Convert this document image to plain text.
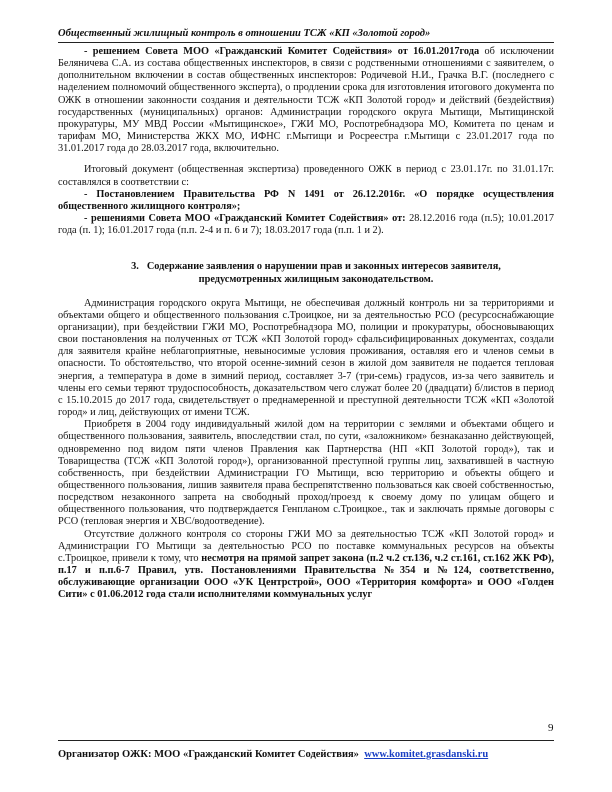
Общественный жилищный контроль в отношении ТСЖ «КП «Золотой город»

- решением Совета МОО «Гражданский Комитет Содействия» от 16.01.2017года об исключении Беляничева С.А. из состава общественных инспекторов, в связи с родственными отношениями с заявителем, о дополнительном включении в состав общественных инспекторов: Родичевой Н.И., Грачка В.Г. (последнего с наделением полномочий общественного эксперта), о продлении срока для изготовления итогового документа по ОЖК в отношении законности создания и деятельности ТСЖ «КП Золотой город» и действий (бездействия) государственных (муниципальных) органов: Администрации городского округа Мытищи, Мытищинской прокуратуры, МУ МВД России «Мытищинское», ГЖИ МО, Роспотребнадзора МО, Комитета по ценам и тарифам МО, Министерства ЖКХ МО, ИФНС г.Мытищи и Росреестра г.Мытищи с 23.01.2017 года по 31.01.2017 года до 28.03.2017 года, включительно.

Итоговый документ (общественная экспертиза) проведенного ОЖК в период с 23.01.17г. по 31.01.17г. составлялся в соответствии с:

- Постановлением Правительства РФ N 1491 от 26.12.2016г. «О порядке осуществления общественного жилищного контроля»;

- решениями Совета МОО «Гражданский Комитет Содействия» от: 28.12.2016 года (п.5); 10.01.2017 года (п. 1); 16.01.2017 года (п.п. 2-4 и п. 6 и 7); 18.03.2017 года (п.п. 1 и 2).

3. Содержание заявления о нарушении прав и законных интересов заявителя, предусмотренных жилищным законодательством.

Администрация городского округа Мытищи, не обеспечивая должный контроль ни за территориями и объектами общего и общественного пользования с.Троицкое, ни за деятельностью РСО (ресурсоснабжающие организации), при бездействии ГЖИ МО, Роспотребнадзора МО, полиции и прокуратуры, обосновывающих свои постановления на полученных от ТСЖ «КП Золотой город» сфальсифицированных документах, создали для заявителя крайне неблагоприятные, невыносимые условия проживания, оставляя его и членов семьи в опасности. То обстоятельство, что второй осенне-зимний сезон в жилой дом заявителя не подается тепловая энергия, а температура в доме в зимний период, составляет 3-7 (три-семь) градусов, из-за чего заявитель и члены его семьи теряют трудоспособность, доказательством чего служат более 20 (двадцати) б/листов в период с 15.10.2015 до 2017 года, свидетельствует о преднамеренной и преступной деятельности ТСЖ «КП «Золотой город» и лиц, действующих от имени ТСЖ.

Приобретя в 2004 году индивидуальный жилой дом на территории с землями и объектами общего и общественного пользования, заявитель, впоследствии стал, по сути, «заложником» безнаказанно действующей, одновременно под видом пяти членов Правления как Партнерства (НП «КП Золотой город»), так и Товарищества (ТСЖ «КП Золотой город»), организованной преступной группы лиц, захватившей в частную собственность, при бездействии Администрации ГО Мытищи, всю территорию и объекты общего и общественного пользования, лишив заявителя права беспрепятственно пользоваться как своей собственностью, посредством незаконного запрета на свободный проход/проезд к своему дому по улицам общего и общественного пользования, что подтверждается Генпланом с.Троицкое., так и заключать прямые договоры с РСО (тепловая энергия и ХВС/водоотведение).

Отсутствие должного контроля со стороны ГЖИ МО за деятельностью ТСЖ «КП Золотой город» и Администрации ГО Мытищи за деятельностью РСО по поставке коммунальных ресурсов на объекты с.Троицкое, привели к тому, что несмотря на прямой запрет закона (п.2 ч.2 ст.136, ч.2 ст.161, ст.162 ЖК РФ), п.17 и п.п.6-7 Правил, утв. Постановлениями Правительства №354 и №124, соответственно, обслуживающие организации ООО «УК Центрстрой», ООО «Территория комфорта» и ООО «Голден Сити» с 01.06.2012 года стали исполнителями коммунальных услуг

9
Организатор ОЖК: МОО «Гражданский Комитет Содействия» www.komitet.grasdanski.ru
